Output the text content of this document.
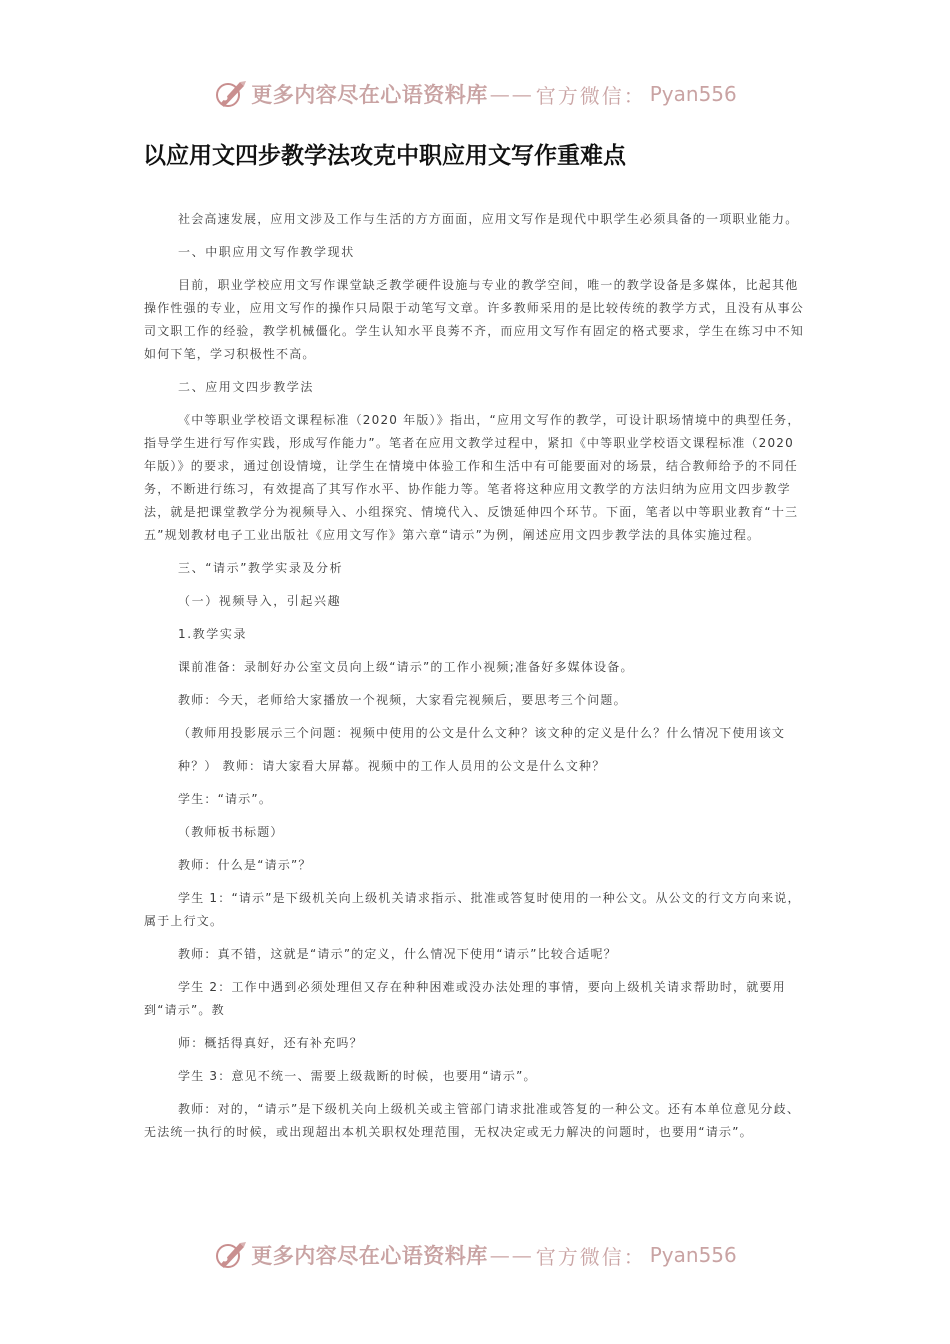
更多内容尽在心语资料库 —— 官方微信： Pyan556
以应用文四步教学法攻克中职应用文写作重难点

社会高速发展，应用文涉及工作与生活的方方面面，应用文写作是现代中职学生必须具备的一项职业能力。

一、中职应用文写作教学现状

目前，职业学校应用文写作课堂缺乏教学硬件设施与专业的教学空间，唯一的教学设备是多媒体，比起其他操作性强的专业，应用文写作的操作只局限于动笔写文章。许多教师采用的是比较传统的教学方式，且没有从事公司文职工作的经验，教学机械僵化。学生认知水平良莠不齐，而应用文写作有固定的格式要求，学生在练习中不知如何下笔，学习积极性不高。

二、应用文四步教学法

《中等职业学校语文课程标准（2020 年版）》指出，“应用文写作的教学，可设计职场情境中的典型任务，指导学生进行写作实践，形成写作能力”。笔者在应用文教学过程中，紧扣《中等职业学校语文课程标准（2020 年版）》的要求，通过创设情境，让学生在情境中体验工作和生活中有可能要面对的场景，结合教师给予的不同任务，不断进行练习，有效提高了其写作水平、协作能力等。笔者将这种应用文教学的方法归纳为应用文四步教学法，就是把课堂教学分为视频导入、小组探究、情境代入、反馈延伸四个环节。下面，笔者以中等职业教育“十三五”规划教材电子工业出版社《应用文写作》第六章“请示”为例，阐述应用文四步教学法的具体实施过程。

三、“请示”教学实录及分析

（一）视频导入，引起兴趣

1.教学实录

课前准备：录制好办公室文员向上级“请示”的工作小视频;准备好多媒体设备。

教师：今天，老师给大家播放一个视频，大家看完视频后，要思考三个问题。

（教师用投影展示三个问题：视频中使用的公文是什么文种？该文种的定义是什么？什么情况下使用该文

种？） 教师：请大家看大屏幕。视频中的工作人员用的公文是什么文种？

学生：“请示”。

（教师板书标题）

教师：什么是“请示”？

学生 1：“请示”是下级机关向上级机关请求指示、批准或答复时使用的一种公文。从公文的行文方向来说，属于上行文。

教师：真不错，这就是“请示”的定义，什么情况下使用“请示”比较合适呢？

学生 2：工作中遇到必须处理但又存在种种困难或没办法处理的事情，要向上级机关请求帮助时，就要用到“请示”。教

师：概括得真好，还有补充吗？

学生 3：意见不统一、需要上级裁断的时候，也要用“请示”。

教师：对的，“请示”是下级机关向上级机关或主管部门请求批准或答复的一种公文。还有本单位意见分歧、无法统一执行的时候，或出现超出本机关职权处理范围，无权决定或无力解决的问题时，也要用“请示”。

更多内容尽在心语资料库 —— 官方微信： Pyan556
